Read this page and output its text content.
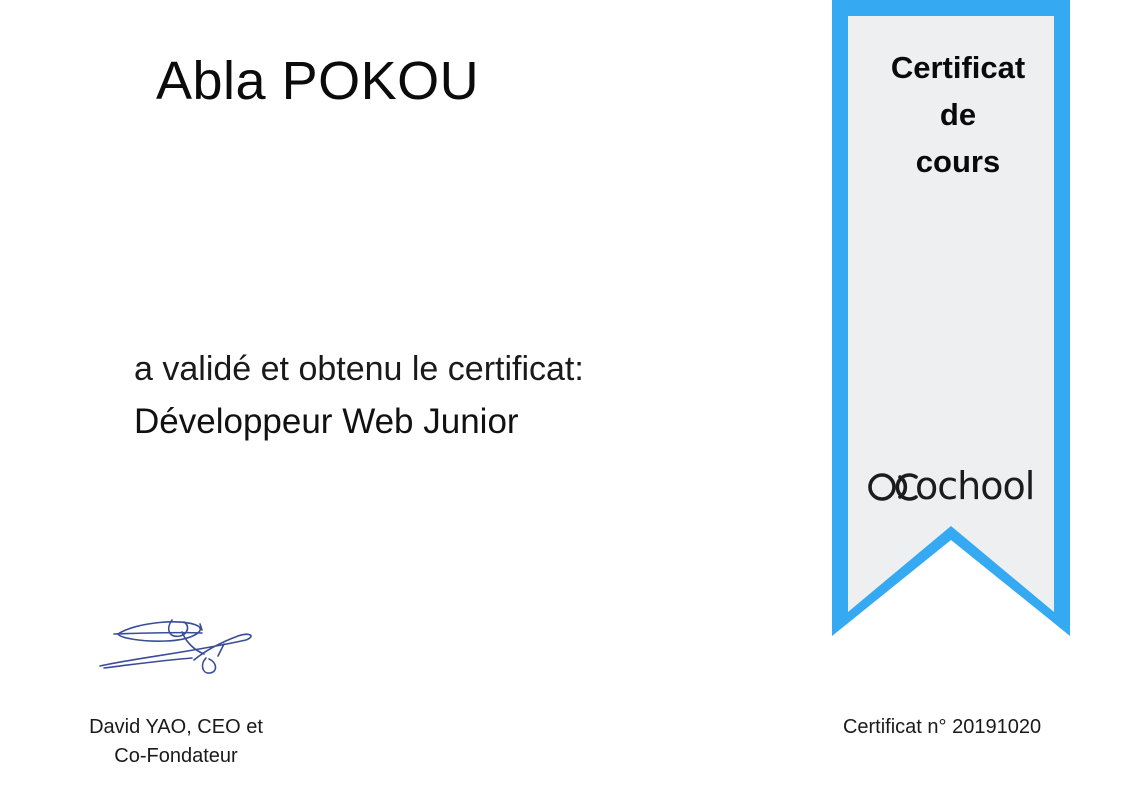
Abla POKOU
a validé et obtenu le certificat:
Développeur Web Junior
David YAO, CEO et
Co-Fondateur
Certificat n° 20191020
Certificat
de
cours
ochool
